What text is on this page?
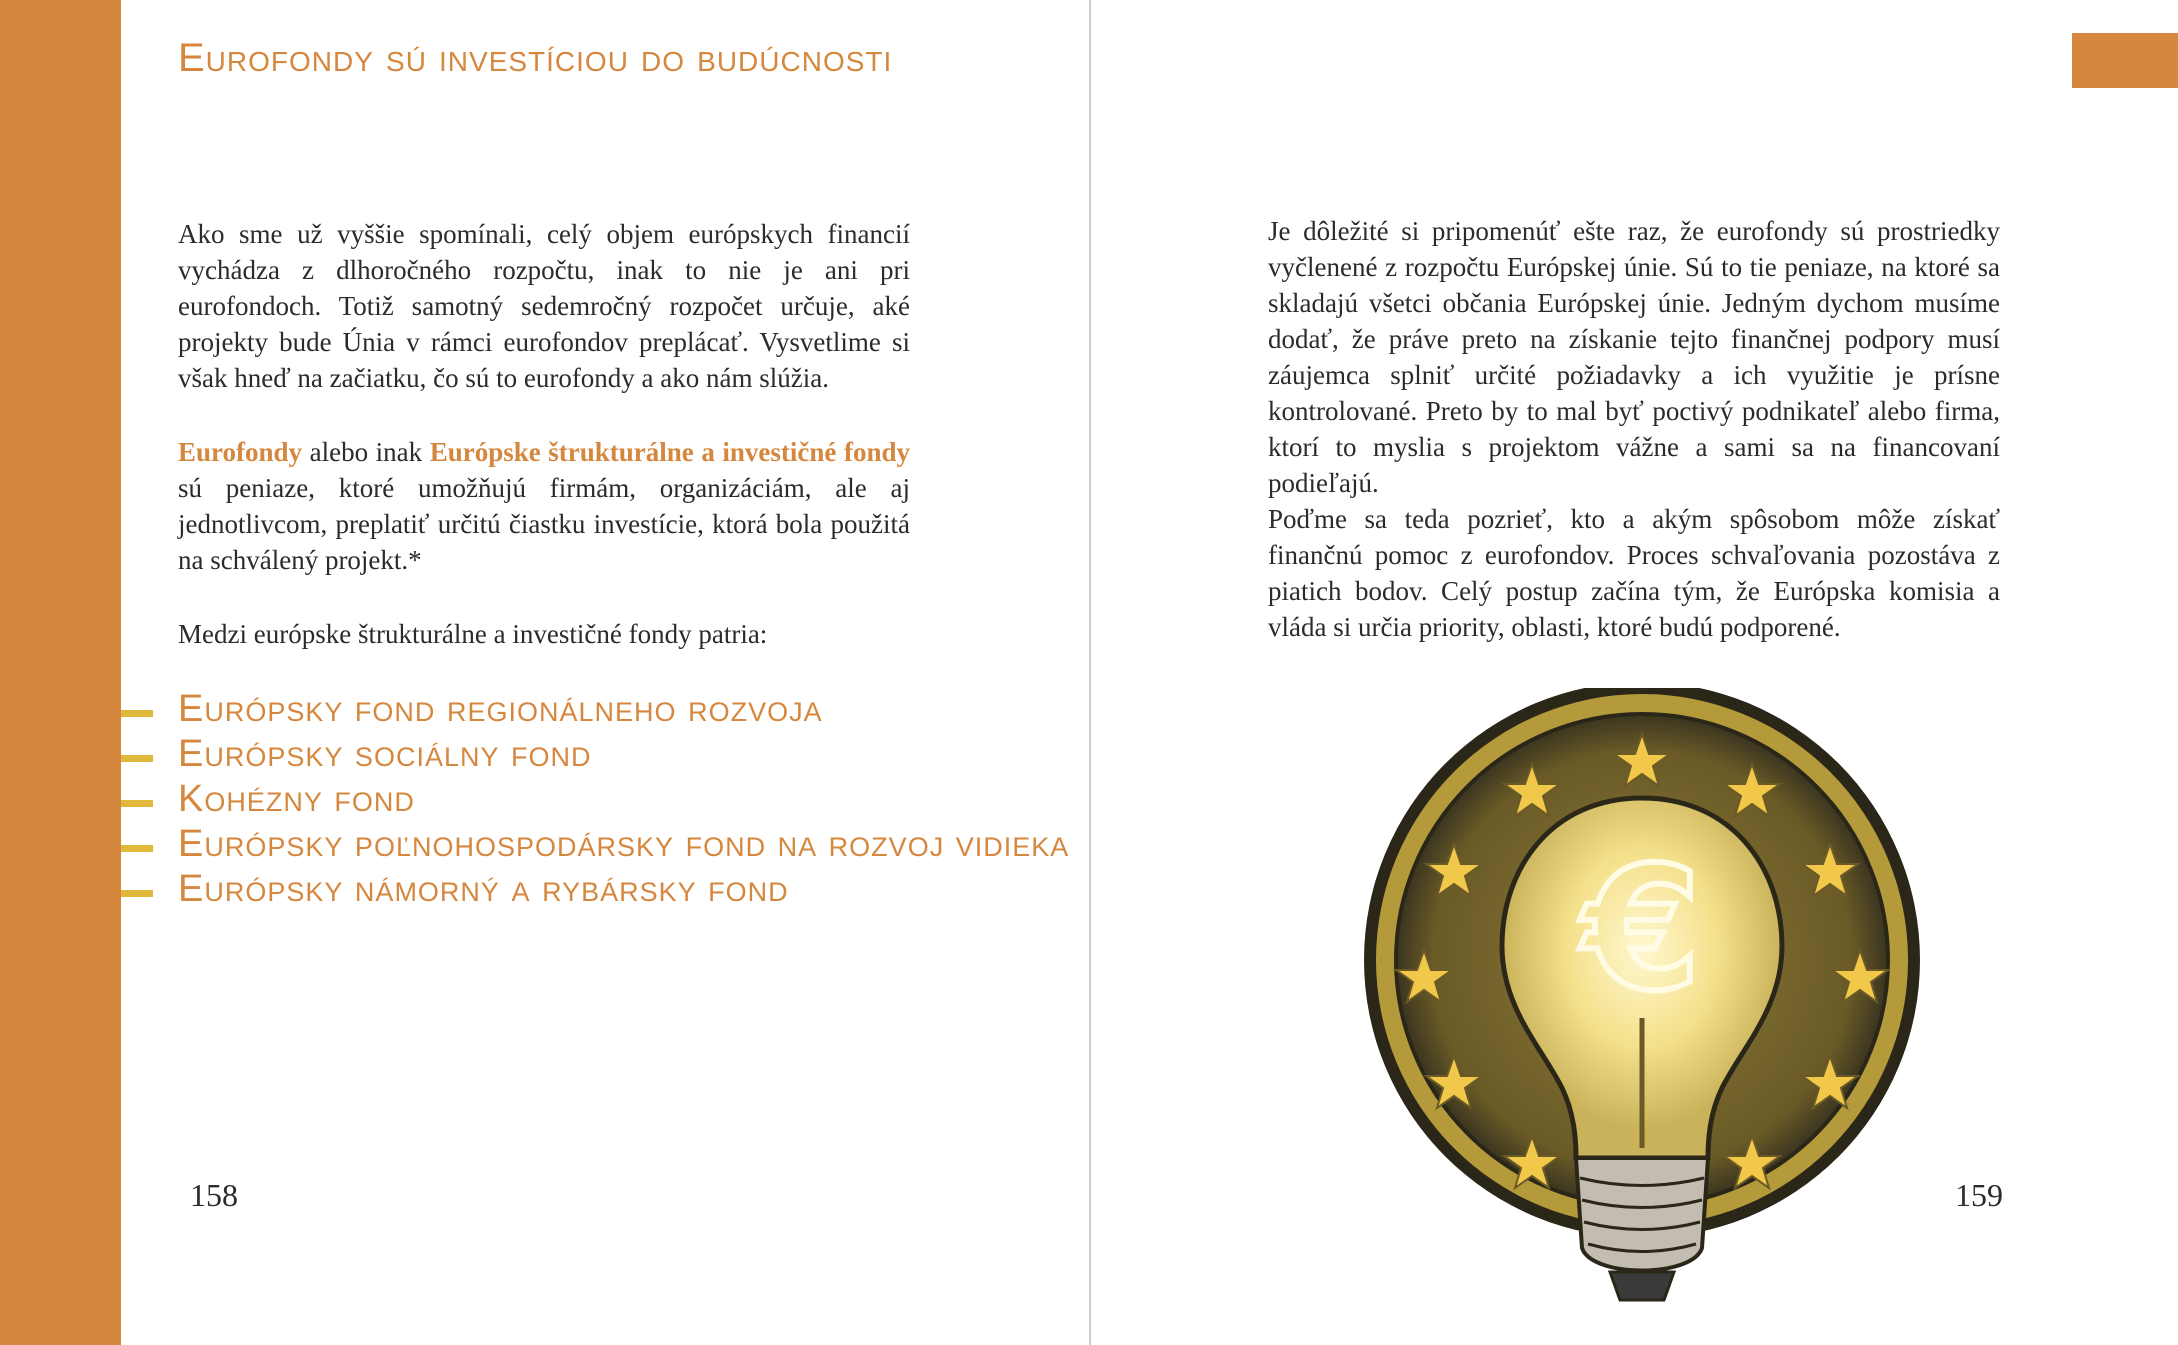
Eurofondy sú investíciou do budúcnosti
Ako sme už vyššie spomínali, celý objem európskych financií vychádza z dlhoročného rozpočtu, inak to nie je ani pri eurofondoch. Totiž samotný sedemročný rozpočet určuje, aké projekty bude Únia v rámci eurofondov preplácať. Vysvetlime si však hneď na začiatku, čo sú to eurofondy a ako nám slúžia.
Eurofondy alebo inak Európske štrukturálne a investičné fondy sú peniaze, ktoré umožňujú firmám, organizáciám, ale aj jednotlivcom, preplatiť určitú čiastku investície, ktorá bola použitá na schválený projekt.*
Medzi európske štrukturálne a investičné fondy patria:
Európsky fond regionálneho rozvoja
Európsky sociálny fond
Kohézny fond
Európsky poľnohospodársky fond na rozvoj vidieka
Európsky námorný a rybársky fond
158
Je dôležité si pripomenúť ešte raz, že eurofondy sú prostriedky vyčlenené z rozpočtu Európskej únie. Sú to tie peniaze, na ktoré sa skladajú všetci občania Európskej únie. Jedným dychom musíme dodať, že práve preto na získanie tejto finančnej podpory musí záujemca splniť určité požiadavky a ich využitie je prísne kontrolované. Preto by to mal byť poctivý podnikateľ alebo firma, ktorí to myslia s projektom vážne a sami sa na financovaní podieľajú.
Poďme sa teda pozrieť, kto a akým spôsobom môže získať finančnú pomoc z eurofondov. Proces schvaľovania pozostáva z piatich bodov. Celý postup začína tým, že Európska komisia a vláda si určia priority, oblasti, ktoré budú podporené.
€
159
